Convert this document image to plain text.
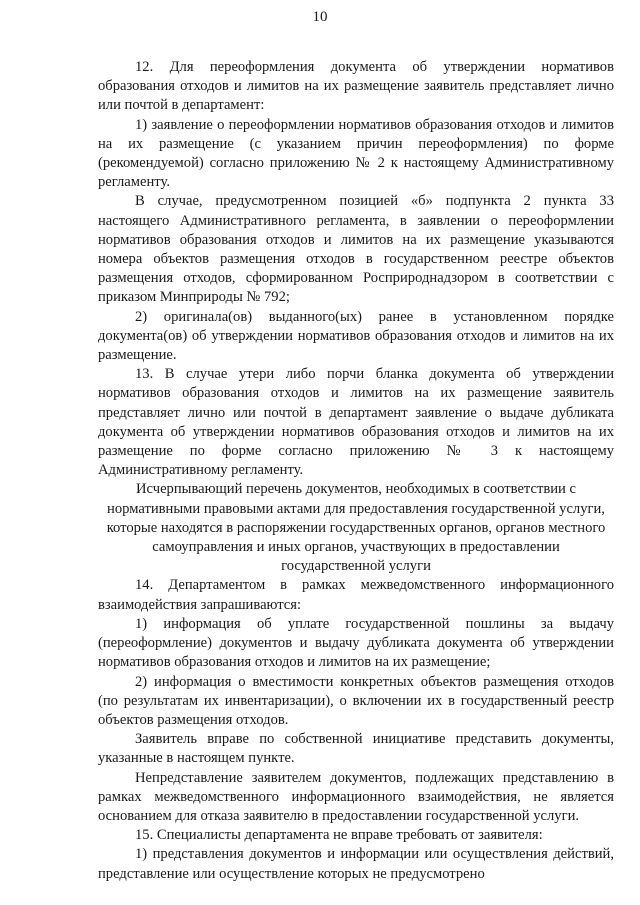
10

12. Для переоформления документа об утверждении нормативов образования отходов и лимитов на их размещение заявитель представляет лично или почтой в департамент:

1) заявление о переоформлении нормативов образования отходов и лимитов на их размещение (с указанием причин переоформления) по форме (рекомендуемой) согласно приложению № 2 к настоящему Административному регламенту.

В случае, предусмотренном позицией «б» подпункта 2 пункта 33 настоящего Административного регламента, в заявлении о переоформлении нормативов образования отходов и лимитов на их размещение указываются номера объектов размещения отходов в государственном реестре объектов размещения отходов, сформированном Росприроднадзором в соответствии с приказом Минприроды № 792;

2) оригинала(ов) выданного(ых) ранее в установленном порядке документа(ов) об утверждении нормативов образования отходов и лимитов на их размещение.

13. В случае утери либо порчи бланка документа об утверждении нормативов образования отходов и лимитов на их размещение заявитель представляет лично или почтой в департамент заявление о выдаче дубликата документа об утверждении нормативов образования отходов и лимитов на их размещение по форме согласно приложению № 3 к настоящему Административному регламенту.

Исчерпывающий перечень документов, необходимых в соответствии с
нормативными правовыми актами для предоставления государственной услуги,
которые находятся в распоряжении государственных органов, органов местного
самоуправления и иных органов, участвующих в предоставлении
государственной услуги

14. Департаментом в рамках межведомственного информационного взаимодействия запрашиваются:

1) информация об уплате государственной пошлины за выдачу (переоформление) документов и выдачу дубликата документа об утверждении нормативов образования отходов и лимитов на их размещение;

2) информация о вместимости конкретных объектов размещения отходов (по результатам их инвентаризации), о включении их в государственный реестр объектов размещения отходов.

Заявитель вправе по собственной инициативе представить документы, указанные в настоящем пункте.

Непредставление заявителем документов, подлежащих представлению в рамках межведомственного информационного взаимодействия, не является основанием для отказа заявителю в предоставлении государственной услуги.

15. Специалисты департамента не вправе требовать от заявителя:

1) представления документов и информации или осуществления действий, представление или осуществление которых не предусмотрено
